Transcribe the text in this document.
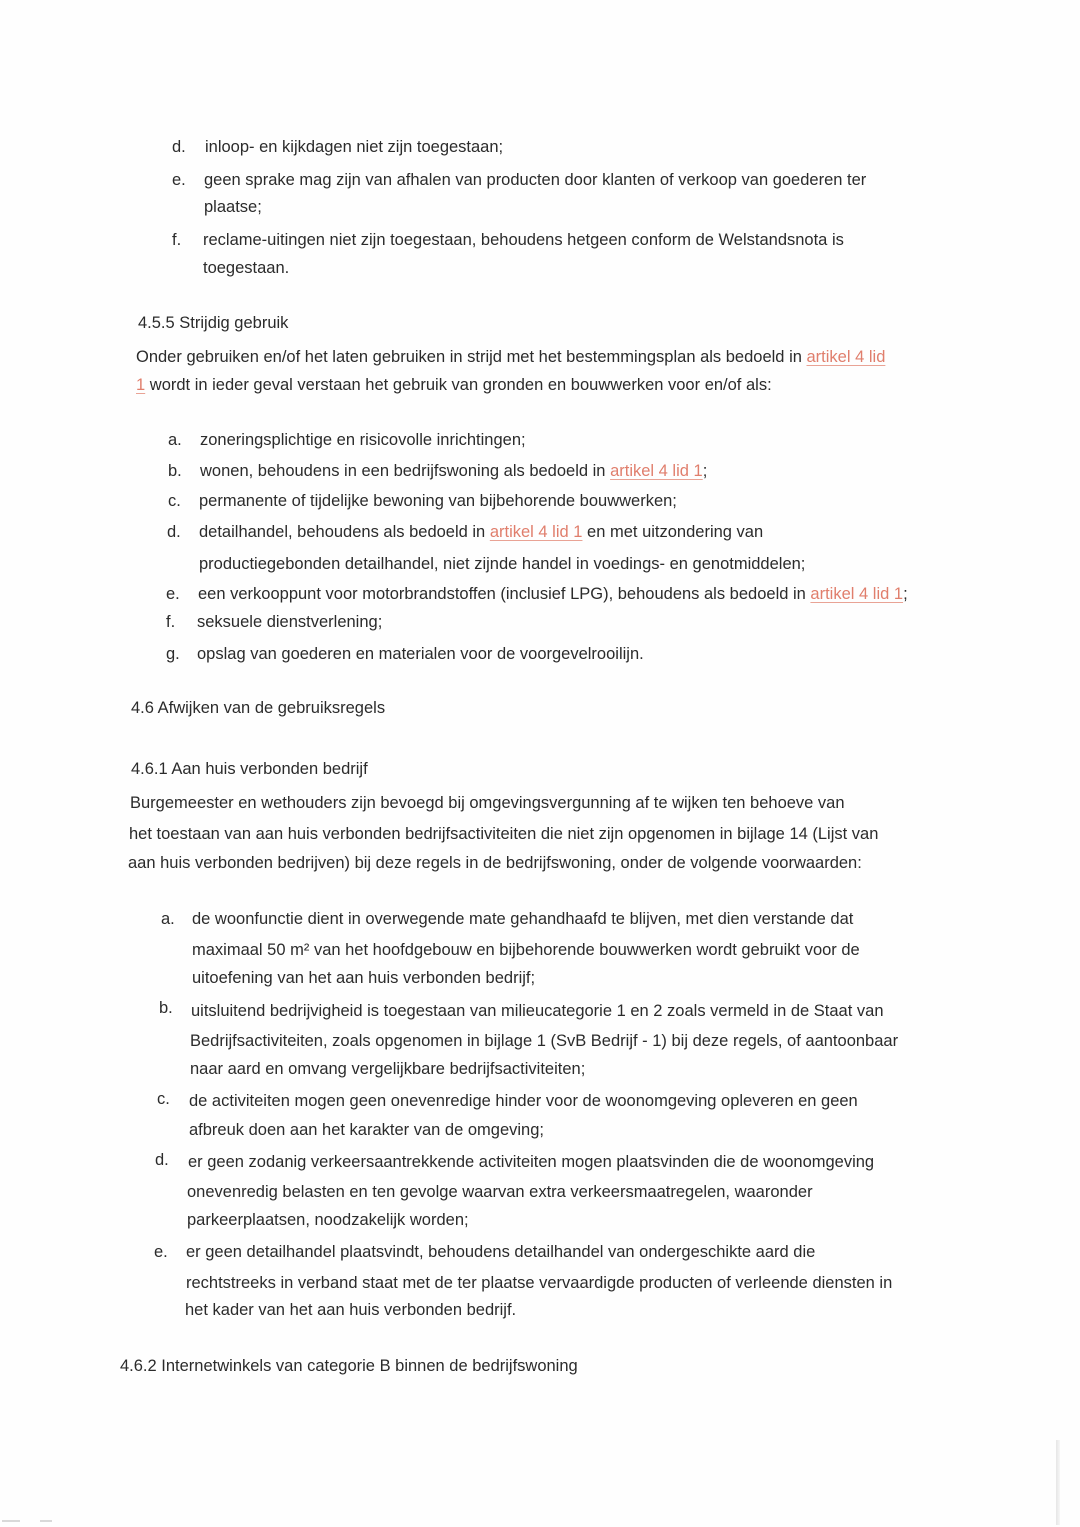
d. inloop- en kijkdagen niet zijn toegestaan;
e. geen sprake mag zijn van afhalen van producten door klanten of verkoop van goederen ter
plaatse;
f. reclame-uitingen niet zijn toegestaan, behoudens hetgeen conform de Welstandsnota is
toegestaan.
4.5.5 Strijdig gebruik
Onder gebruiken en/of het laten gebruiken in strijd met het bestemmingsplan als bedoeld in artikel 4 lid
1 wordt in ieder geval verstaan het gebruik van gronden en bouwwerken voor en/of als:
a. zoneringsplichtige en risicovolle inrichtingen;
b. wonen, behoudens in een bedrijfswoning als bedoeld in artikel 4 lid 1;
c. permanente of tijdelijke bewoning van bijbehorende bouwwerken;
d. detailhandel, behoudens als bedoeld in artikel 4 lid 1 en met uitzondering van
productiegebonden detailhandel, niet zijnde handel in voedings- en genotmiddelen;
e. een verkooppunt voor motorbrandstoffen (inclusief LPG), behoudens als bedoeld in artikel 4 lid 1;
f. seksuele dienstverlening;
g. opslag van goederen en materialen voor de voorgevelrooilijn.
4.6 Afwijken van de gebruiksregels
4.6.1 Aan huis verbonden bedrijf
Burgemeester en wethouders zijn bevoegd bij omgevingsvergunning af te wijken ten behoeve van
het toestaan van aan huis verbonden bedrijfsactiviteiten die niet zijn opgenomen in bijlage 14 (Lijst van
aan huis verbonden bedrijven) bij deze regels in de bedrijfswoning, onder de volgende voorwaarden:
a. de woonfunctie dient in overwegende mate gehandhaafd te blijven, met dien verstande dat
maximaal 50 m² van het hoofdgebouw en bijbehorende bouwwerken wordt gebruikt voor de
uitoefening van het aan huis verbonden bedrijf;
b. uitsluitend bedrijvigheid is toegestaan van milieucategorie 1 en 2 zoals vermeld in de Staat van
Bedrijfsactiviteiten, zoals opgenomen in bijlage 1 (SvB Bedrijf - 1) bij deze regels, of aantoonbaar
naar aard en omvang vergelijkbare bedrijfsactiviteiten;
c. de activiteiten mogen geen onevenredige hinder voor de woonomgeving opleveren en geen
afbreuk doen aan het karakter van de omgeving;
d. er geen zodanig verkeersaantrekkende activiteiten mogen plaatsvinden die de woonomgeving
onevenredig belasten en ten gevolge waarvan extra verkeersmaatregelen, waaronder
parkeerplaatsen, noodzakelijk worden;
e. er geen detailhandel plaatsvindt, behoudens detailhandel van ondergeschikte aard die
rechtstreeks in verband staat met de ter plaatse vervaardigde producten of verleende diensten in
het kader van het aan huis verbonden bedrijf.
4.6.2 Internetwinkels van categorie B binnen de bedrijfswoning
